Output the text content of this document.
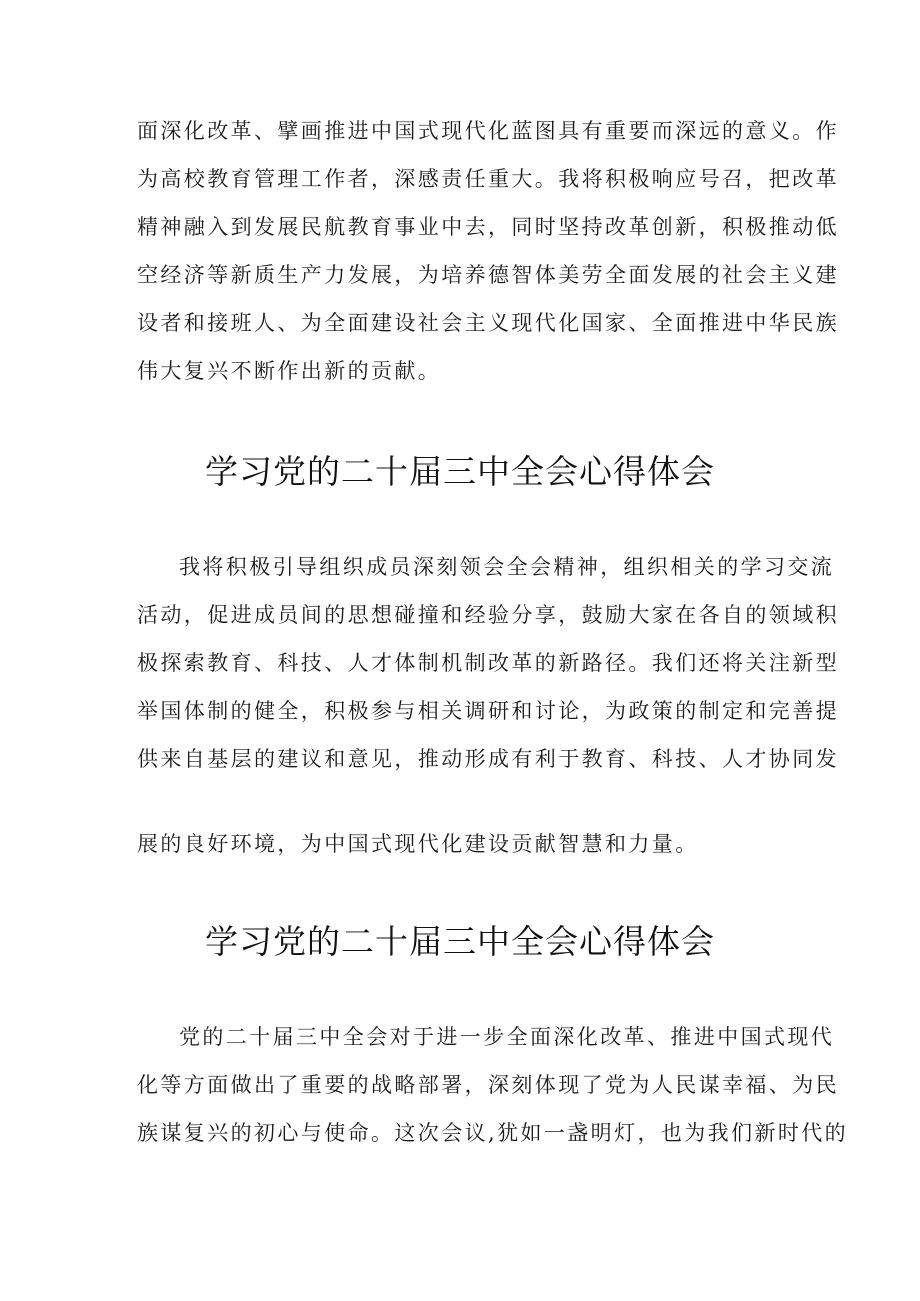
面深化改革、擘画推进中国式现代化蓝图具有重要而深远的意义。作
为高校教育管理工作者，深感责任重大。我将积极响应号召，把改革
精神融入到发展民航教育事业中去，同时坚持改革创新，积极推动低
空经济等新质生产力发展，为培养德智体美劳全面发展的社会主义建
设者和接班人、为全面建设社会主义现代化国家、全面推进中华民族
伟大复兴不断作出新的贡献。
学习党的二十届三中全会心得体会
我将积极引导组织成员深刻领会全会精神，组织相关的学习交流
活动，促进成员间的思想碰撞和经验分享，鼓励大家在各自的领域积
极探索教育、科技、人才体制机制改革的新路径。我们还将关注新型
举国体制的健全，积极参与相关调研和讨论，为政策的制定和完善提
供来自基层的建议和意见，推动形成有利于教育、科技、人才协同发
展的良好环境，为中国式现代化建设贡献智慧和力量。
学习党的二十届三中全会心得体会
党的二十届三中全会对于进一步全面深化改革、推进中国式现代
化等方面做出了重要的战略部署，深刻体现了党为人民谋幸福、为民
族谋复兴的初心与使命。这次会议,犹如一盏明灯，也为我们新时代的
